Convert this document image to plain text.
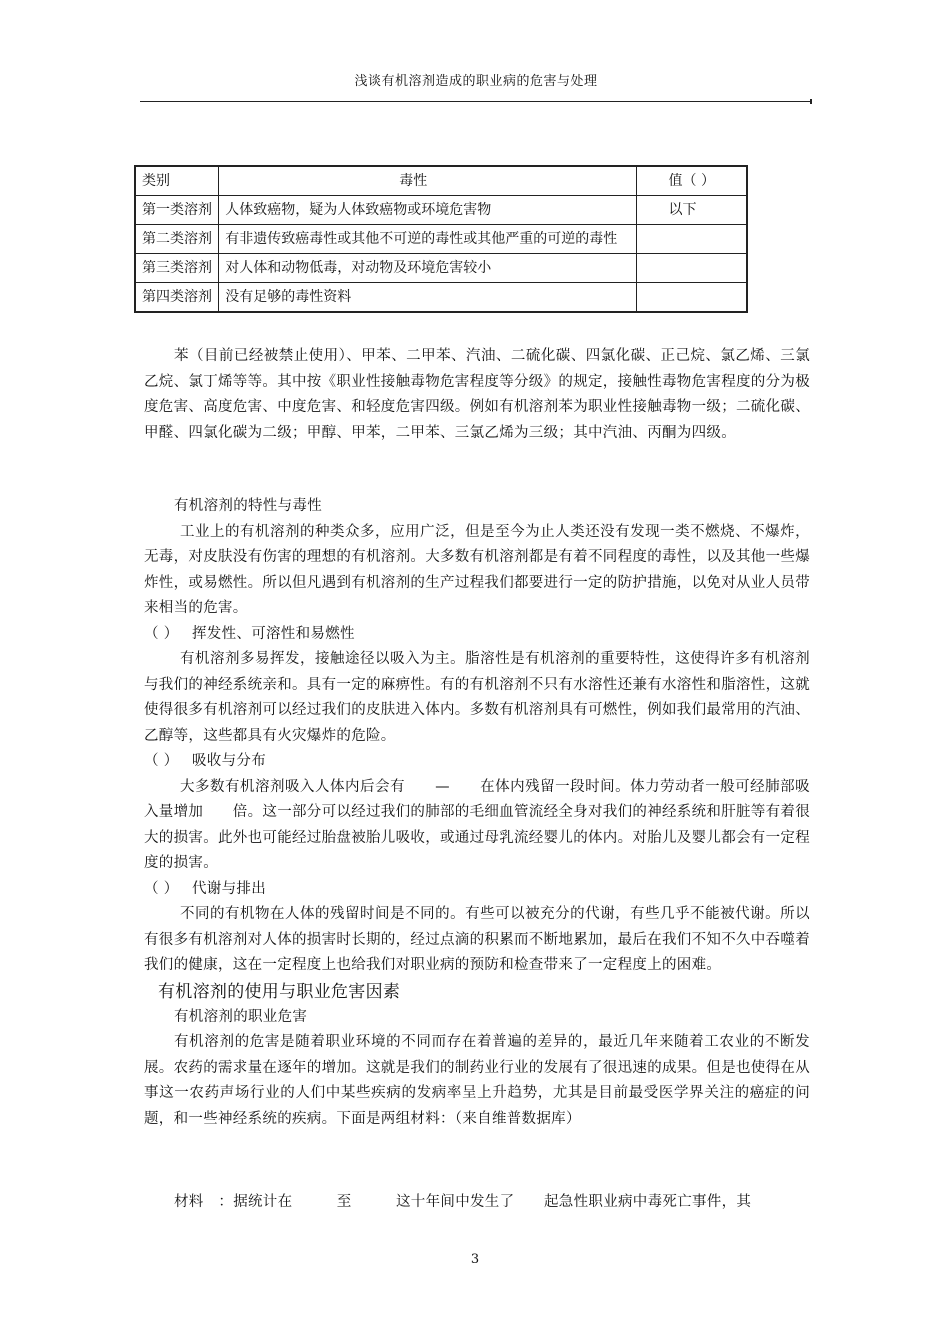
浅谈有机溶剂造成的职业病的危害与处理
类别	毒性	值（ ）
第一类溶剂	人体致癌物，疑为人体致癌物或环境危害物	以下
第二类溶剂	有非遗传致癌毒性或其他不可逆的毒性或其他严重的可逆的毒性	
第三类溶剂	对人体和动物低毒，对动物及环境危害较小	
第四类溶剂	没有足够的毒性资料	

苯（目前已经被禁止使用）、甲苯、二甲苯、汽油、二硫化碳、四氯化碳、正己烷、氯乙烯、三氯乙烷、氯丁烯等等。其中按《职业性接触毒物危害程度等分级》的规定，接触性毒物危害程度的分为极度危害、高度危害、中度危害、和轻度危害四级。例如有机溶剂苯为职业性接触毒物一级；二硫化碳、甲醛、四氯化碳为二级；甲醇、甲苯，二甲苯、三氯乙烯为三级；其中汽油、丙酮为四级。

有机溶剂的特性与毒性

工业上的有机溶剂的种类众多，应用广泛，但是至今为止人类还没有发现一类不燃烧、不爆炸，无毒，对皮肤没有伤害的理想的有机溶剂。大多数有机溶剂都是有着不同程度的毒性，以及其他一些爆炸性，或易燃性。所以但凡遇到有机溶剂的生产过程我们都要进行一定的防护措施，以免对从业人员带来相当的危害。

（ ） 挥发性、可溶性和易燃性

有机溶剂多易挥发，接触途径以吸入为主。脂溶性是有机溶剂的重要特性，这使得许多有机溶剂与我们的神经系统亲和。具有一定的麻痹性。有的有机溶剂不只有水溶性还兼有水溶性和脂溶性，这就使得很多有机溶剂可以经过我们的皮肤进入体内。多数有机溶剂具有可燃性，例如我们最常用的汽油、乙醇等，这些都具有火灾爆炸的危险。

（ ） 吸收与分布

大多数有机溶剂吸入人体内后会有　　—　　在体内残留一段时间。体力劳动者一般可经肺部吸入量增加　　倍。这一部分可以经过我们的肺部的毛细血管流经全身对我们的神经系统和肝脏等有着很大的损害。此外也可能经过胎盘被胎儿吸收，或通过母乳流经婴儿的体内。对胎儿及婴儿都会有一定程度的损害。

（ ） 代谢与排出

不同的有机物在人体的残留时间是不同的。有些可以被充分的代谢，有些几乎不能被代谢。所以有很多有机溶剂对人体的损害时长期的，经过点滴的积累而不断地累加，最后在我们不知不久中吞噬着我们的健康，这在一定程度上也给我们对职业病的预防和检查带来了一定程度上的困难。

有机溶剂的使用与职业危害因素

有机溶剂的职业危害

有机溶剂的危害是随着职业环境的不同而存在着普遍的差异的，最近几年来随着工农业的不断发展。农药的需求量在逐年的增加。这就是我们的制药业行业的发展有了很迅速的成果。但是也使得在从事这一农药声场行业的人们中某些疾病的发病率呈上升趋势，尤其是目前最受医学界关注的癌症的问题，和一些神经系统的疾病。下面是两组材料：（来自维普数据库）

材料　：据统计在　　　至　　　这十年间中发生了　　起急性职业病中毒死亡事件，其

3
